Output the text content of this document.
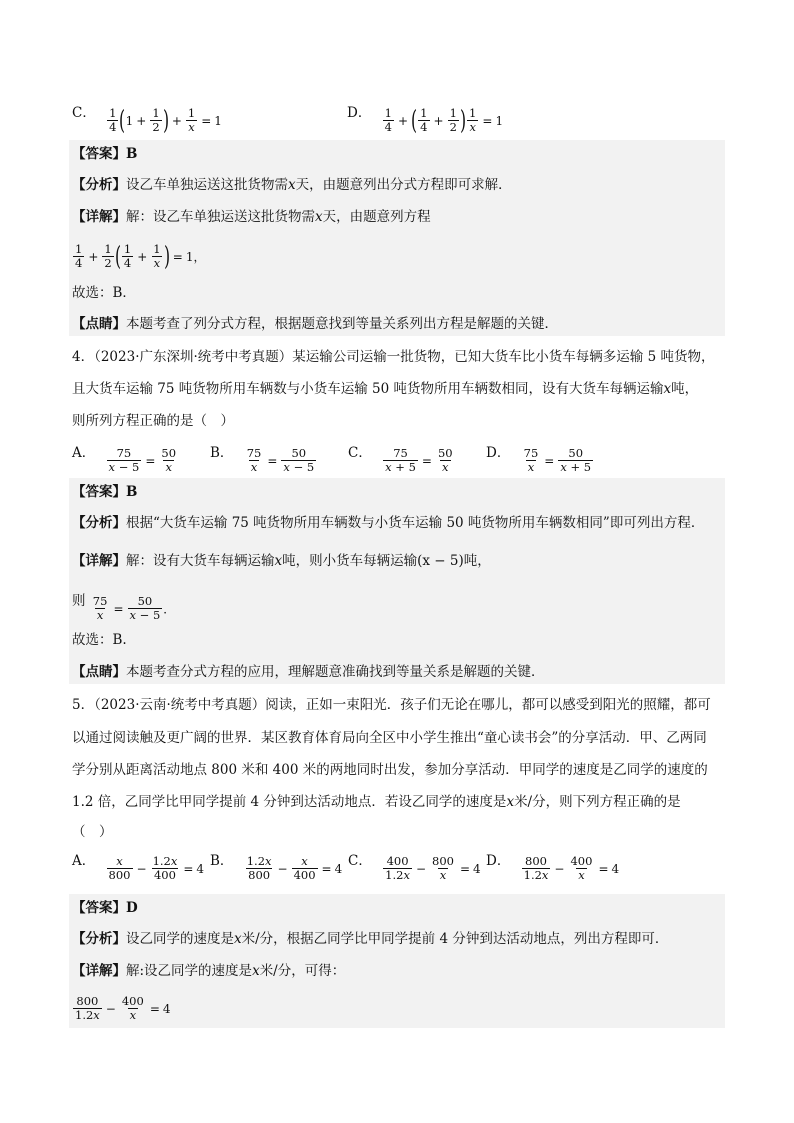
C． $\frac{1}{4}$ ( $1 + \frac{1}{2}$ ) + $\frac{1}{x} = 1$	D． $\frac{1}{4}$ + ( $\frac{1}{4} + \frac{1}{2}$ ) $\frac{1}{x} = 1$
【答案】B
【分析】设乙车单独运送这批货物需x天，由题意列出分式方程即可求解．
【详解】解：设乙车单独运送这批货物需x天，由题意列方程
$\frac{1}{4} + \frac{1}{2}$ ( $\frac{1}{4} + \frac{1}{x}$ ) = 1，
故选：B．
【点睛】本题考查了列分式方程，根据题意找到等量关系列出方程是解题的关键．
4．（2023·广东深圳·统考中考真题）某运输公司运输一批货物，已知大货车比小货车每辆多运输 5 吨货物，
且大货车运输 75 吨货物所用车辆数与小货车运输 50 吨货物所用车辆数相同，设有大货车每辆运输x吨，
则所列方程正确的是（　）
A． $\frac{75}{x - 5} = \frac{50}{x}$ B． $\frac{75}{x} = \frac{50}{x - 5}$ C． $\frac{75}{x + 5} = \frac{50}{x}$ D． $\frac{75}{x} = \frac{50}{x + 5}$
【答案】B
【分析】根据“大货车运输 75 吨货物所用车辆数与小货车运输 50 吨货物所用车辆数相同”即可列出方程．
【详解】解：设有大货车每辆运输x吨，则小货车每辆运输(x − 5)吨，
则 $\frac{75}{x} = \frac{50}{x - 5}$ ．
故选：B.
【点睛】本题考查分式方程的应用，理解题意准确找到等量关系是解题的关键．
5．（2023·云南·统考中考真题）阅读，正如一束阳光．孩子们无论在哪儿，都可以感受到阳光的照耀，都可
以通过阅读触及更广阔的世界．某区教育体育局向全区中小学生推出“童心读书会”的分享活动．甲、乙两同
学分别从距离活动地点 800 米和 400 米的两地同时出发，参加分享活动．甲同学的速度是乙同学的速度的
1.2 倍，乙同学比甲同学提前 4 分钟到达活动地点．若设乙同学的速度是x米/分，则下列方程正确的是
（　）
A． $\frac{x}{800} - \frac{1.2x}{400} = 4$ B． $\frac{1.2x}{800} - \frac{x}{400} = 4$ C． $\frac{400}{1.2x} - \frac{800}{x} = 4$ D． $\frac{800}{1.2x} - \frac{400}{x} = 4$
【答案】D
【分析】设乙同学的速度是x米/分，根据乙同学比甲同学提前 4 分钟到达活动地点，列出方程即可．
【详解】解:设乙同学的速度是x米/分，可得：
$\frac{800}{1.2x} - \frac{400}{x} = 4$
